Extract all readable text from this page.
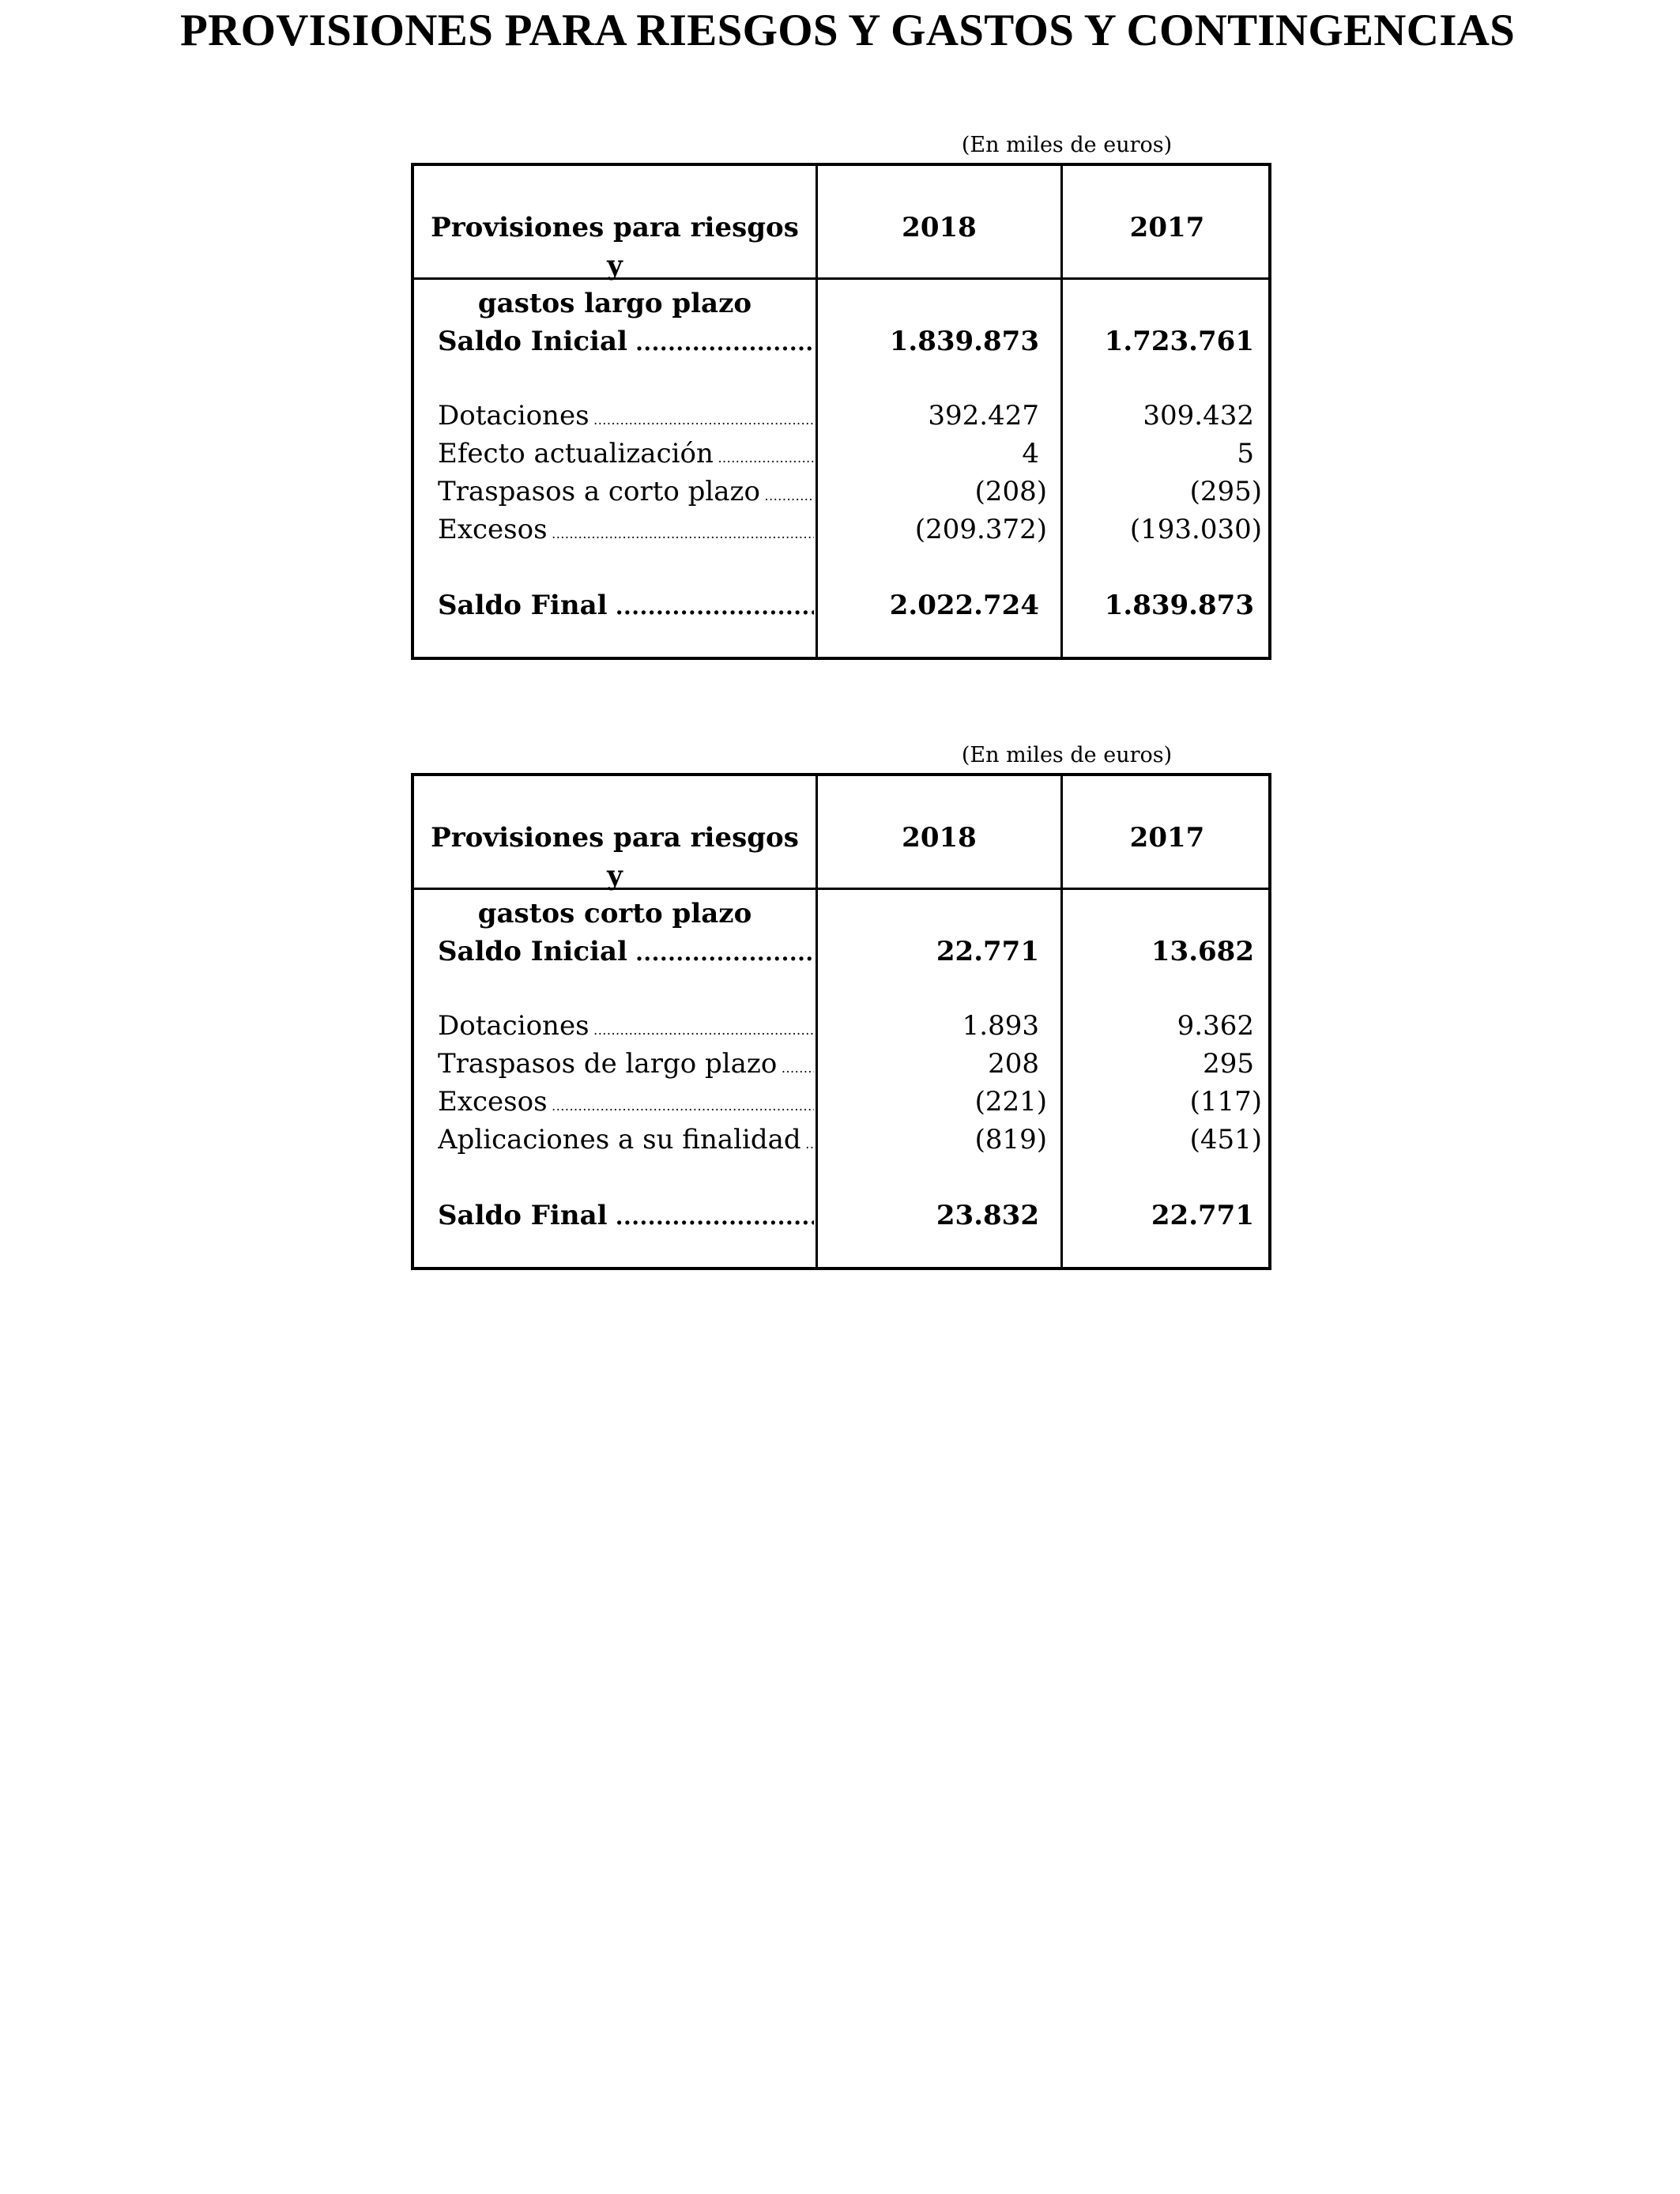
PROVISIONES PARA RIESGOS Y GASTOS Y CONTINGENCIAS
(En miles de euros)
Provisiones para riesgos y
gastos largo plazo
2018	2017
Saldo Inicial .....	1.839.873	1.723.761
Dotaciones .....	392.427	309.432
Efecto actualización .....	4	5
Traspasos a corto plazo .....	(208)	(295)
Excesos .....	(209.372)	(193.030)
Saldo Final .....	2.022.724	1.839.873
(En miles de euros)
Provisiones para riesgos y
gastos corto plazo
2018	2017
Saldo Inicial .....	22.771	13.682
Dotaciones .....	1.893	9.362
Traspasos de largo plazo .....	208	295
Excesos .....	(221)	(117)
Aplicaciones a su finalidad .....	(819)	(451)
Saldo Final .....	23.832	22.771
